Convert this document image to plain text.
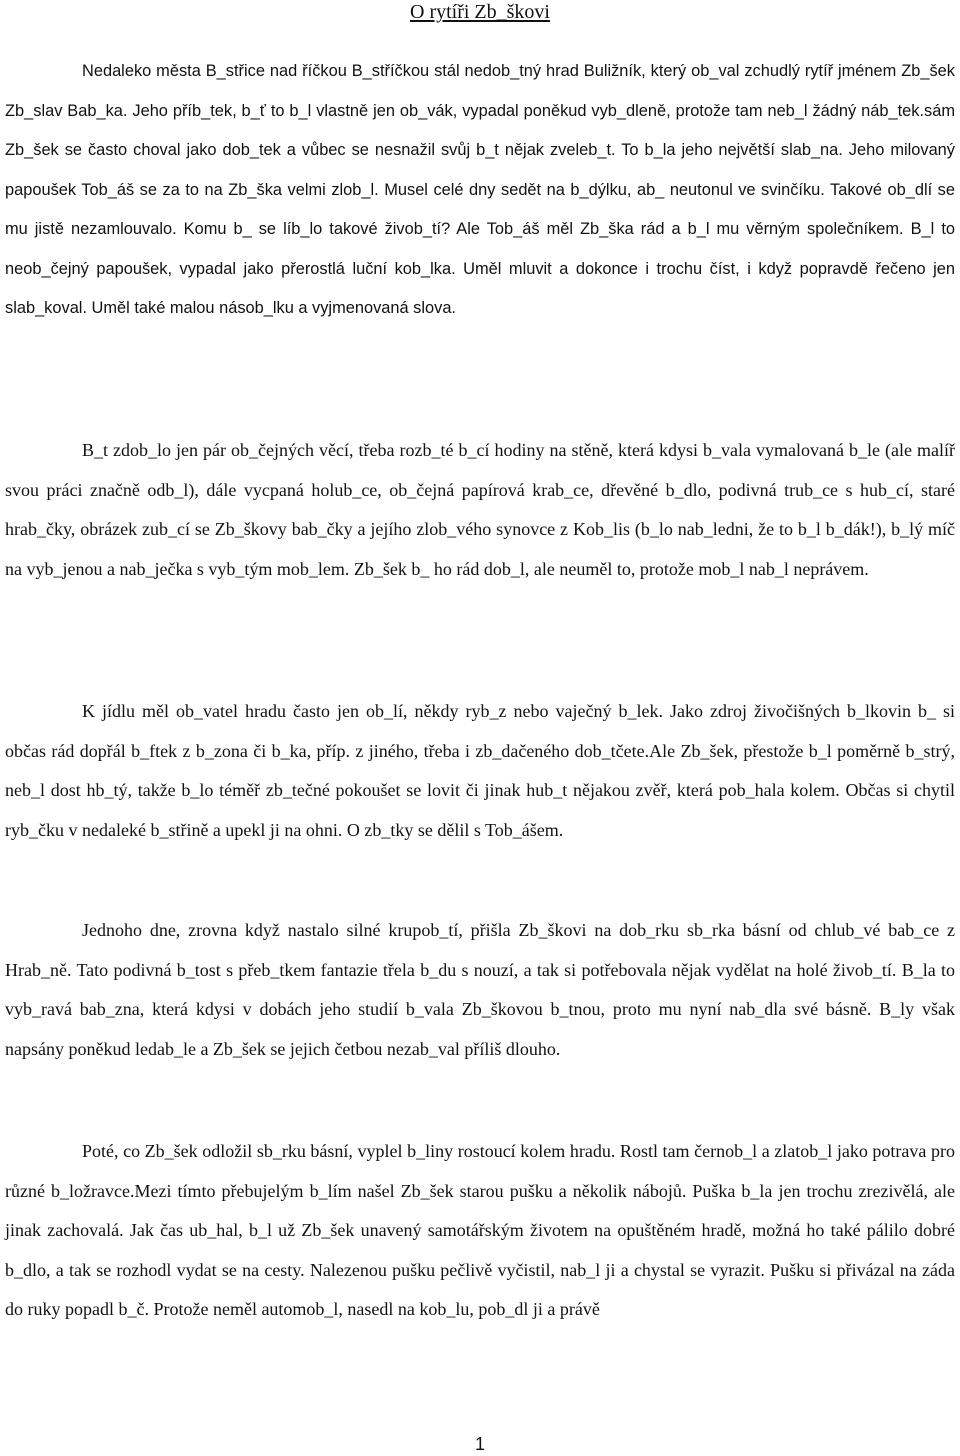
O rytíři Zb_škovi

Nedaleko města B_střice nad říčkou B_stříčkou stál nedob_tný hrad Buližník, který ob_val zchudlý rytíř jménem Zb_šek Zb_slav Bab_ka. Jeho příb_tek, b_ť to b_l vlastně jen ob_vák, vypadal poněkud vyb_dleně, protože tam neb_l žádný náb_tek.sám Zb_šek se často choval jako dob_tek a vůbec se nesnažil svůj b_t nějak zveleb_t. To b_la jeho největší slab_na. Jeho milovaný papoušek Tob_áš se za to na Zb_ška velmi zlob_l. Musel celé dny sedět na b_dýlku, ab_ neutonul ve svinčíku. Takové ob_dlí se mu jistě nezamlouvalo. Komu b_ se líb_lo takové živob_tí? Ale Tob_áš měl Zb_ška rád a b_l mu věrným společníkem. B_l to neob_čejný papoušek, vypadal jako přerostlá luční kob_lka. Uměl mluvit a dokonce i trochu číst, i když popravdě řečeno jen slab_koval. Uměl také malou násob_lku a vyjmenovaná slova.

B_t zdob_lo jen pár ob_čejných věcí, třeba rozb_té b_cí hodiny na stěně, která kdysi b_vala vymalovaná b_le (ale malíř svou práci značně odb_l), dále vycpaná holub_ce, ob_čejná papírová krab_ce, dřevěné b_dlo, podivná trub_ce s hub_cí, staré hrab_čky, obrázek zub_cí se Zb_škovy bab_čky a jejího zlob_vého synovce z Kob_lis (b_lo nab_ledni, že to b_l b_dák!), b_lý míč na vyb_jenou a nab_ječka s vyb_tým mob_lem. Zb_šek b_ ho rád dob_l, ale neuměl to, protože mob_l nab_l neprávem.

K jídlu měl ob_vatel hradu často jen ob_lí, někdy ryb_z nebo vaječný b_lek. Jako zdroj živočišných b_lkovin b_ si občas rád dopřál b_ftek z b_zona či b_ka, příp. z jiného, třeba i zb_dačeného dob_tčete.Ale Zb_šek, přestože b_l poměrně b_strý, neb_l dost hb_tý, takže b_lo téměř zb_tečné pokoušet se lovit či jinak hub_t nějakou zvěř, která pob_hala kolem. Občas si chytil ryb_čku v nedaleké b_střině a upekl ji na ohni. O zb_tky se dělil s Tob_ášem.

Jednoho dne, zrovna když nastalo silné krupob_tí, přišla Zb_škovi na dob_rku sb_rka básní od chlub_vé bab_ce z Hrab_ně. Tato podivná b_tost s přeb_tkem fantazie třela b_du s nouzí, a tak si potřebovala nějak vydělat na holé živob_tí. B_la to vyb_ravá bab_zna, která kdysi v dobách jeho studií b_vala Zb_škovou b_tnou, proto mu nyní nab_dla své básně. B_ly však napsány poněkud ledab_le a Zb_šek se jejich četbou nezab_val příliš dlouho.

Poté, co Zb_šek odložil sb_rku básní, vyplel b_liny rostoucí kolem hradu. Rostl tam černob_l a zlatob_l jako potrava pro různé b_ložravce.Mezi tímto přebujelým b_lím našel Zb_šek starou pušku a několik nábojů. Puška b_la jen trochu zrezivělá, ale jinak zachovalá. Jak čas ub_hal, b_l už Zb_šek unavený samotářským životem na opuštěném hradě, možná ho také pálilo dobré b_dlo, a tak se rozhodl vydat se na cesty. Nalezenou pušku pečlivě vyčistil, nab_l ji a chystal se vyrazit. Pušku si přivázal na záda do ruky popadl b_č. Protože neměl automob_l, nasedl na kob_lu, pob_dl ji a právě

1
